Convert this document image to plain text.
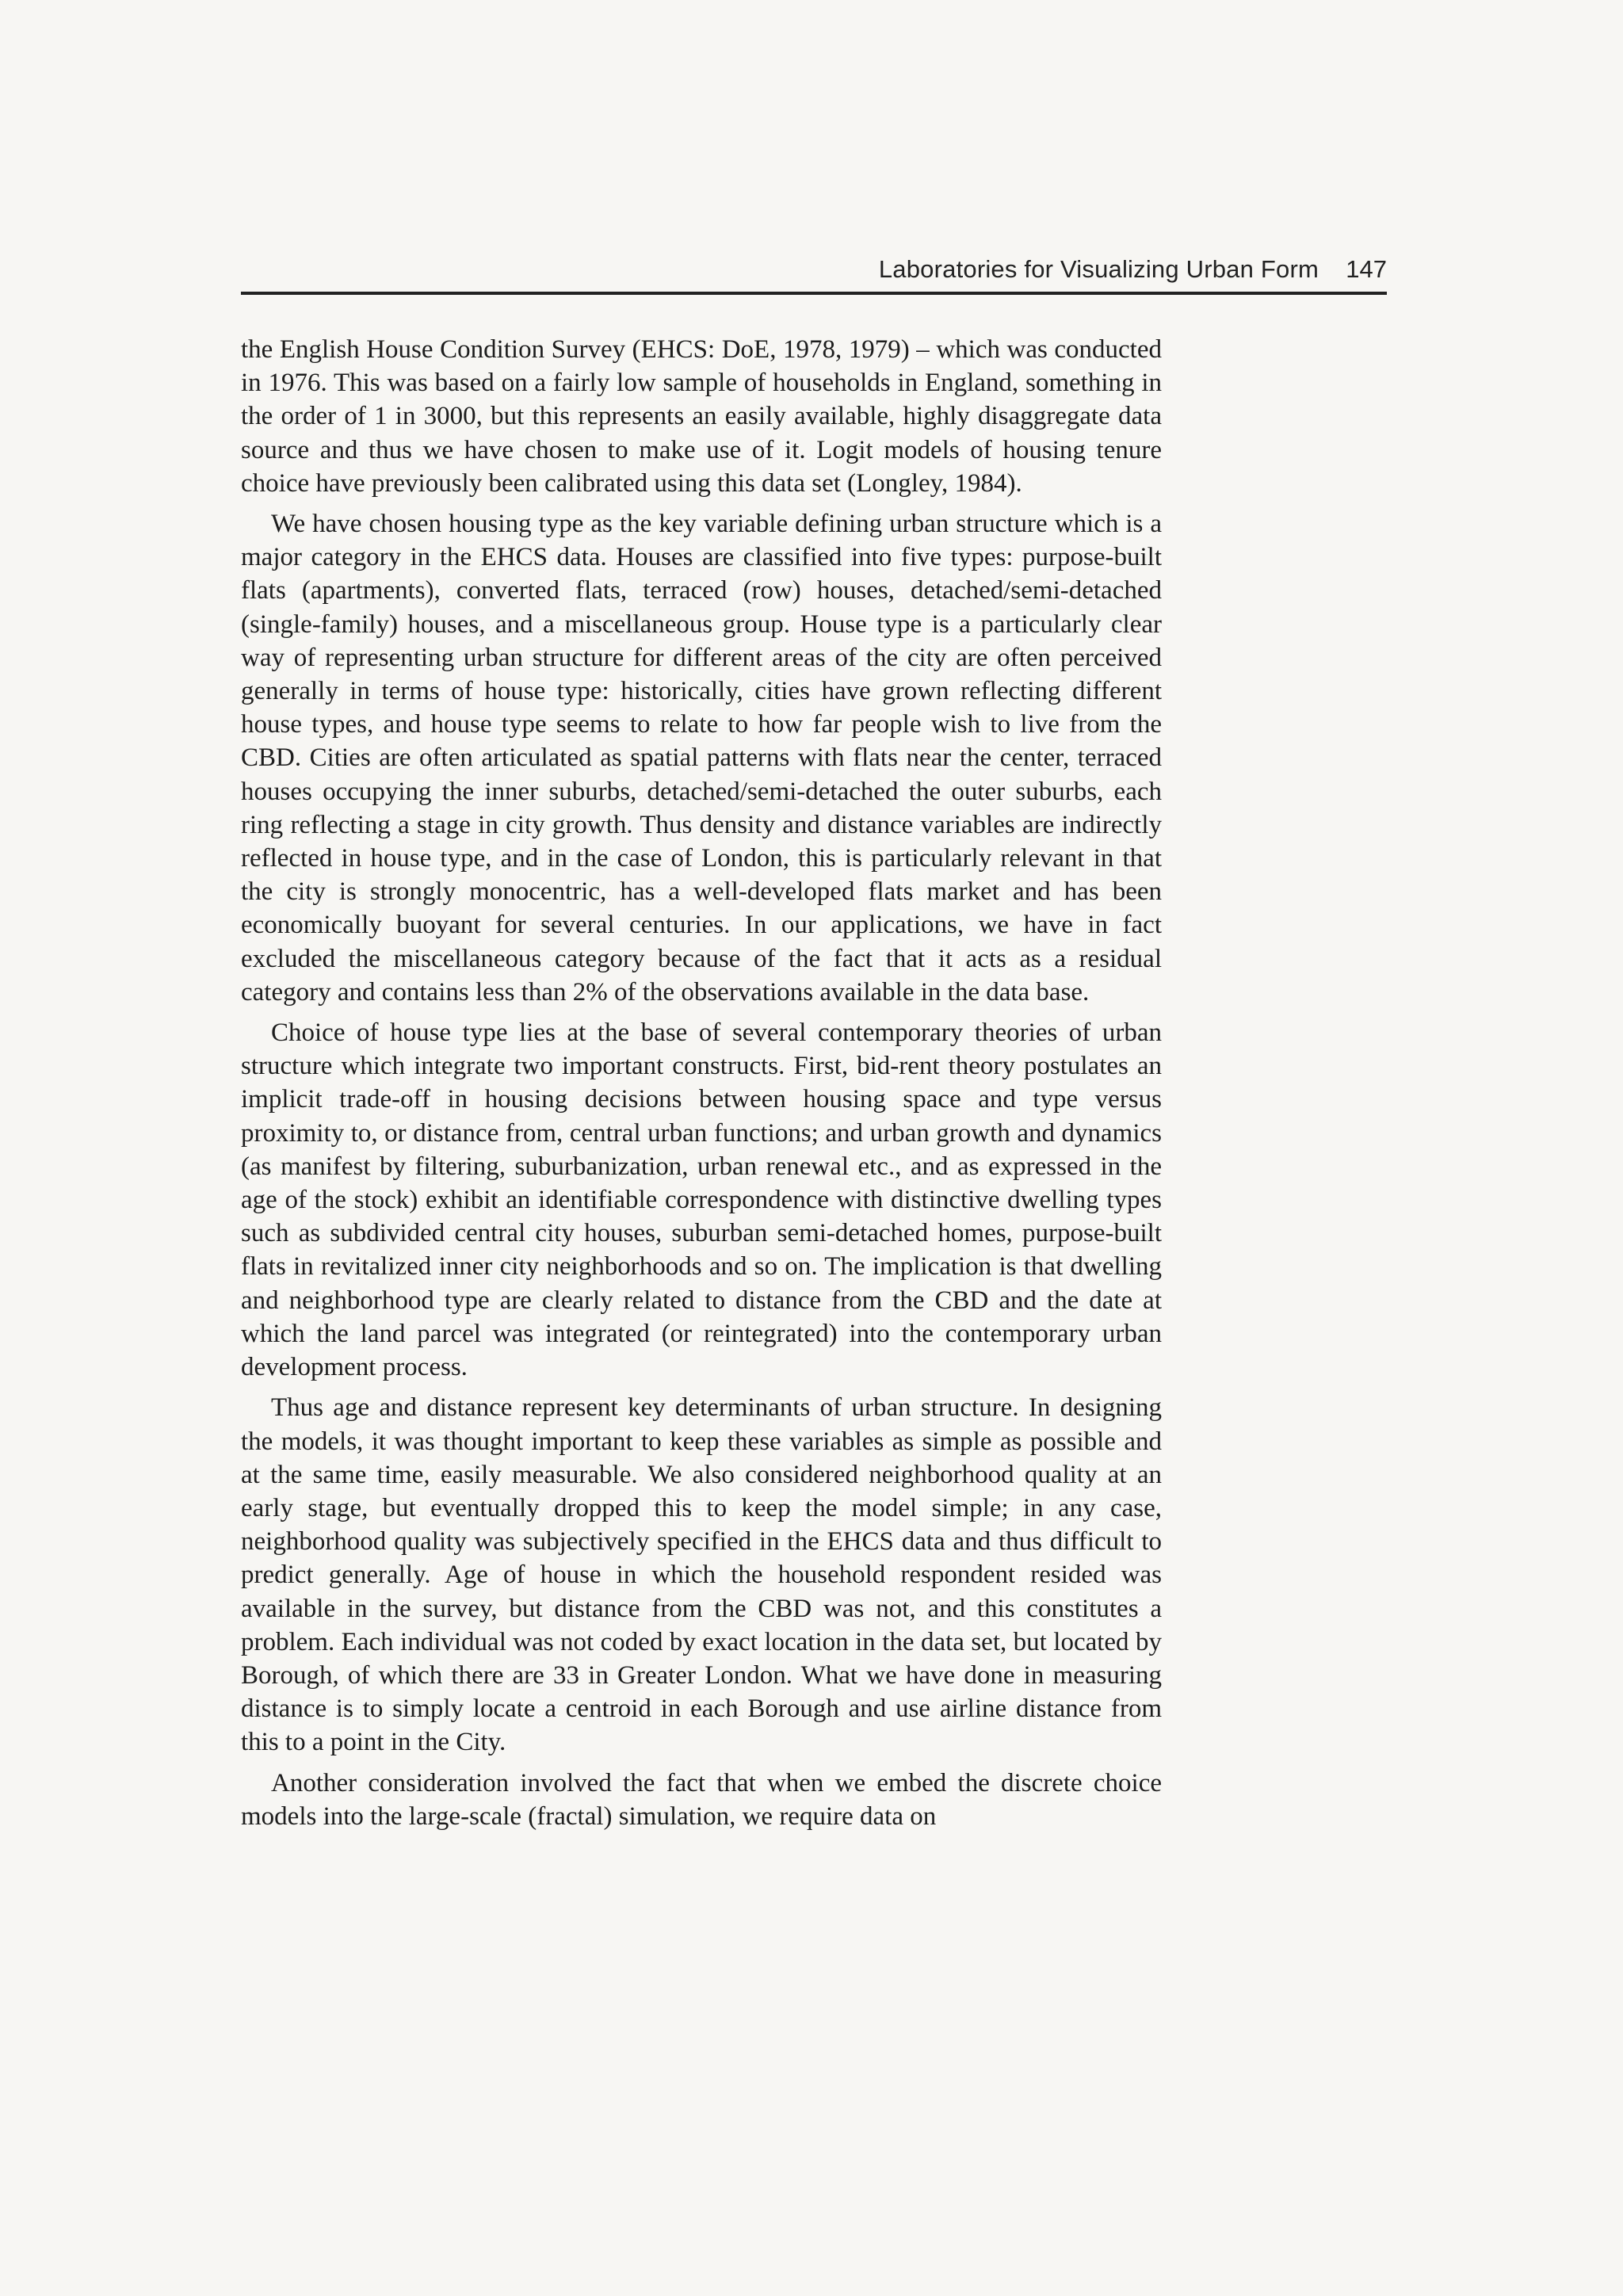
Laboratories for Visualizing Urban Form 147

the English House Condition Survey (EHCS: DoE, 1978, 1979) – which was conducted in 1976. This was based on a fairly low sample of households in England, something in the order of 1 in 3000, but this represents an easily available, highly disaggregate data source and thus we have chosen to make use of it. Logit models of housing tenure choice have previously been calibrated using this data set (Longley, 1984).

We have chosen housing type as the key variable defining urban structure which is a major category in the EHCS data. Houses are classified into five types: purpose-built flats (apartments), converted flats, terraced (row) houses, detached/semi-detached (single-family) houses, and a miscellaneous group. House type is a particularly clear way of representing urban structure for different areas of the city are often perceived generally in terms of house type: historically, cities have grown reflecting different house types, and house type seems to relate to how far people wish to live from the CBD. Cities are often articulated as spatial patterns with flats near the center, terraced houses occupying the inner suburbs, detached/semi-detached the outer suburbs, each ring reflecting a stage in city growth. Thus density and distance variables are indirectly reflected in house type, and in the case of London, this is particularly relevant in that the city is strongly monocentric, has a well-developed flats market and has been economically buoyant for several centuries. In our applications, we have in fact excluded the miscellaneous category because of the fact that it acts as a residual category and contains less than 2% of the observations available in the data base.

Choice of house type lies at the base of several contemporary theories of urban structure which integrate two important constructs. First, bid-rent theory postulates an implicit trade-off in housing decisions between housing space and type versus proximity to, or distance from, central urban functions; and urban growth and dynamics (as manifest by filtering, suburbanization, urban renewal etc., and as expressed in the age of the stock) exhibit an identifiable correspondence with distinctive dwelling types such as subdivided central city houses, suburban semi-detached homes, purpose-built flats in revitalized inner city neighborhoods and so on. The implication is that dwelling and neighborhood type are clearly related to distance from the CBD and the date at which the land parcel was integrated (or reintegrated) into the contemporary urban development process.

Thus age and distance represent key determinants of urban structure. In designing the models, it was thought important to keep these variables as simple as possible and at the same time, easily measurable. We also considered neighborhood quality at an early stage, but eventually dropped this to keep the model simple; in any case, neighborhood quality was subjectively specified in the EHCS data and thus difficult to predict generally. Age of house in which the household respondent resided was available in the survey, but distance from the CBD was not, and this constitutes a problem. Each individual was not coded by exact location in the data set, but located by Borough, of which there are 33 in Greater London. What we have done in measuring distance is to simply locate a centroid in each Borough and use airline distance from this to a point in the City.

Another consideration involved the fact that when we embed the discrete choice models into the large-scale (fractal) simulation, we require data on
